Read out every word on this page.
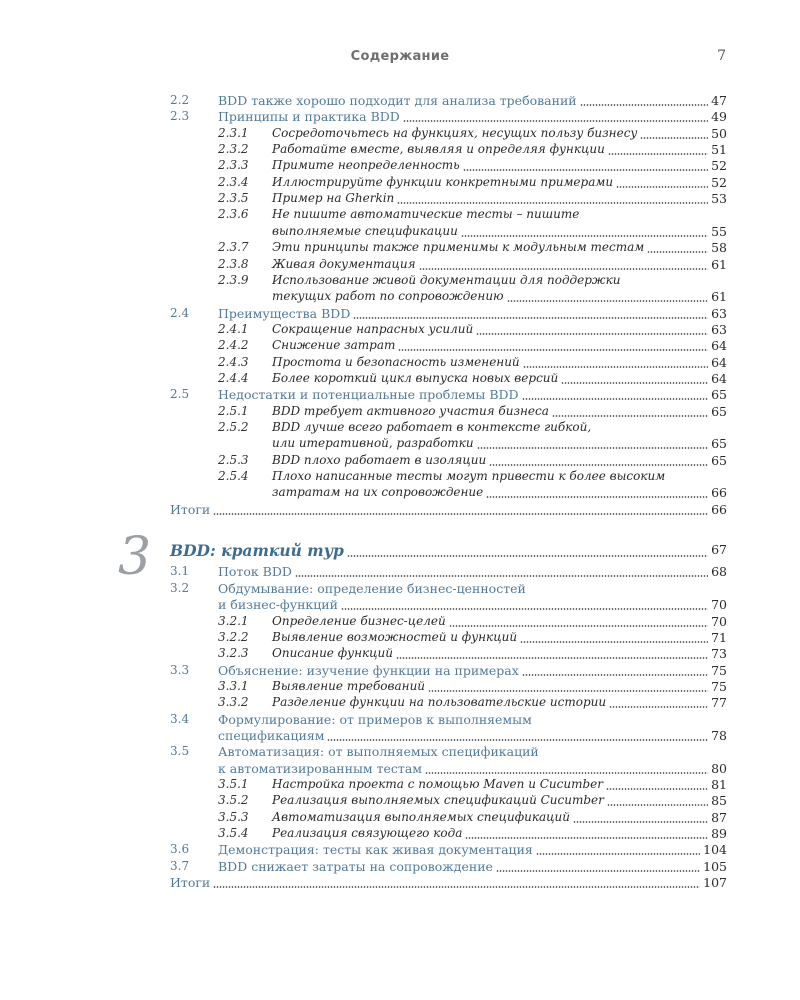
Содержание	7
3
2.2 BDD также хорошо подходит для анализа требований	47
2.3 Принципы и практика BDD	49
2.3.1 Сосредоточьтесь на функциях, несущих пользу бизнесу	50
2.3.2 Работайте вместе, выявляя и определяя функции	51
2.3.3 Примите неопределенность	52
2.3.4 Иллюстрируйте функции конкретными примерами	52
2.3.5 Пример на Gherkin	53
2.3.6 Не пишите автоматические тесты – пишите
выполняемые спецификации	55
2.3.7 Эти принципы также применимы к модульным тестам	58
2.3.8 Живая документация	61
2.3.9 Использование живой документации для поддержки
текущих работ по сопровождению	61
2.4 Преимущества BDD	63
2.4.1 Сокращение напрасных усилий	63
2.4.2 Снижение затрат	64
2.4.3 Простота и безопасность изменений	64
2.4.4 Более короткий цикл выпуска новых версий	64
2.5 Недостатки и потенциальные проблемы BDD	65
2.5.1 BDD требует активного участия бизнеса	65
2.5.2 BDD лучше всего работает в контексте гибкой,
или итеративной, разработки	65
2.5.3 BDD плохо работает в изоляции	65
2.5.4 Плохо написанные тесты могут привести к более высоким
затратам на их сопровождение	66
Итоги	66
BDD: краткий тур	67
3.1 Поток BDD	68
3.2 Обдумывание: определение бизнес-ценностей
и бизнес-функций	70
3.2.1 Определение бизнес-целей	70
3.2.2 Выявление возможностей и функций	71
3.2.3 Описание функций	73
3.3 Объяснение: изучение функции на примерах	75
3.3.1 Выявление требований	75
3.3.2 Разделение функции на пользовательские истории	77
3.4 Формулирование: от примеров к выполняемым
спецификациям	78
3.5 Автоматизация: от выполняемых спецификаций
к автоматизированным тестам	80
3.5.1 Настройка проекта с помощью Maven и Cucumber	81
3.5.2 Реализация выполняемых спецификаций Cucumber	85
3.5.3 Автоматизация выполняемых спецификаций	87
3.5.4 Реализация связующего кода	89
3.6 Демонстрация: тесты как живая документация	104
3.7 BDD снижает затраты на сопровождение	105
Итоги	107
